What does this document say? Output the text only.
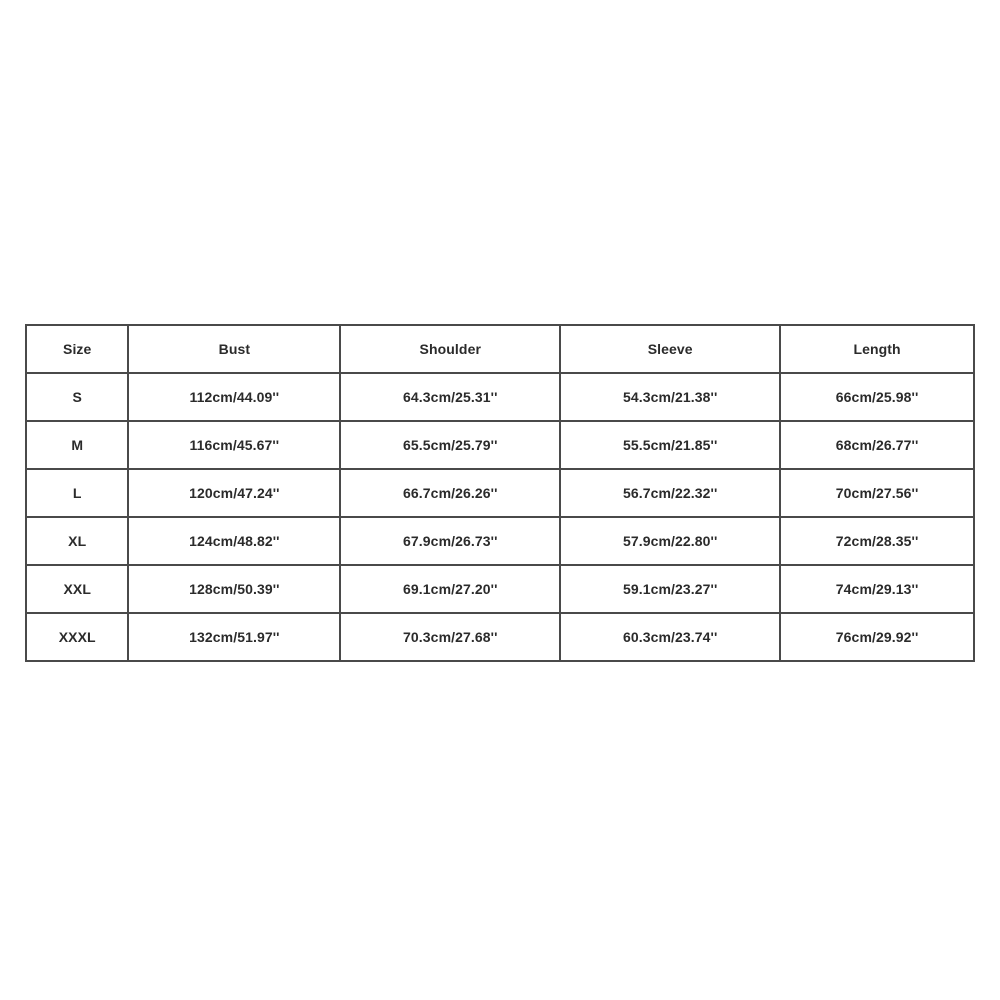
Size	Bust	Shoulder	Sleeve	Length
S	112cm/44.09''	64.3cm/25.31''	54.3cm/21.38''	66cm/25.98''
M	116cm/45.67''	65.5cm/25.79''	55.5cm/21.85''	68cm/26.77''
L	120cm/47.24''	66.7cm/26.26''	56.7cm/22.32''	70cm/27.56''
XL	124cm/48.82''	67.9cm/26.73''	57.9cm/22.80''	72cm/28.35''
XXL	128cm/50.39''	69.1cm/27.20''	59.1cm/23.27''	74cm/29.13''
XXXL	132cm/51.97''	70.3cm/27.68''	60.3cm/23.74''	76cm/29.92''
